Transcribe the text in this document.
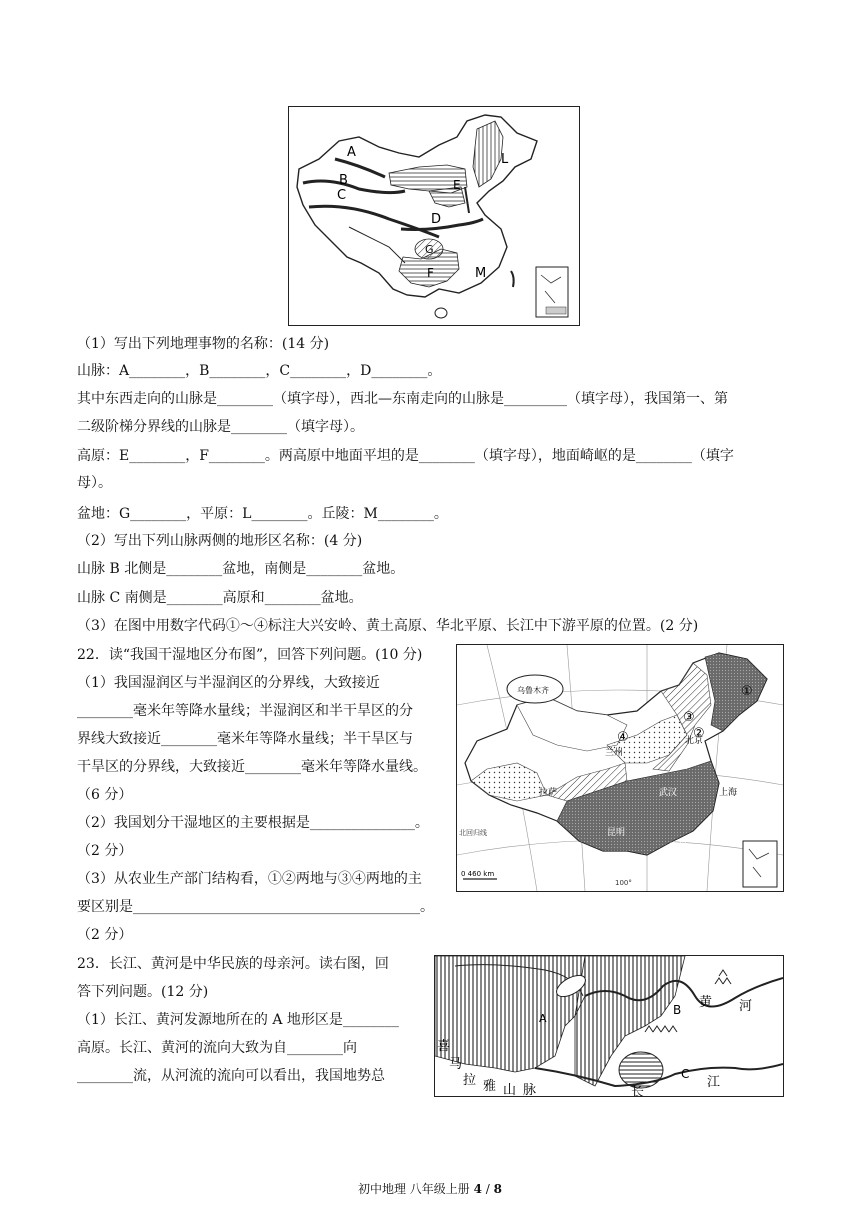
A
B
C
D
E
F
G
L
M
（1）写出下列地理事物的名称：(14 分)
山脉：A________，B________，C________，D________。
其中东西走向的山脉是________（填字母），西北—东南走向的山脉是_________（填字母），我国第一、第
二级阶梯分界线的山脉是________（填字母）。
高原：E________，F________。两高原中地面平坦的是________（填字母），地面崎岖的是________（填字
母）。
盆地：G________，平原：L________。丘陵：M________。
（2）写出下列山脉两侧的地形区名称：(4 分)
山脉 B 北侧是________盆地，南侧是________盆地。
山脉 C 南侧是________高原和________盆地。
（3）在图中用数字代码①～④标注大兴安岭、黄土高原、华北平原、长江中下游平原的位置。(2 分)
22．读“我国干湿地区分布图”，回答下列问题。(10 分)
（1）我国湿润区与半湿润区的分界线，大致接近
________毫米年等降水量线；半湿润区和半干旱区的分
界线大致接近________毫米年等降水量线；半干旱区与
干旱区的分界线，大致接近________毫米年等降水量线。
（6 分）
（2）我国划分干湿地区的主要根据是_______________。
（2 分）
（3）从农业生产部门结构看，①②两地与③④两地的主
要区别是_________________________________________。
（2 分）
乌鲁木齐
兰州
北京
上海
拉萨	武汉
昆明
广州
①
②
③
④
北回归线
100°
0 460 km
23．长江、黄河是中华民族的母亲河。读右图，回
答下列问题。(12 分)
（1）长江、黄河发源地所在的 A 地形区是________
高原。长江、黄河的流向大致为自________向
________流，从河流的流向可以看出，我国地势总
A
B
C
黄 河
长
江
喜
马
拉 雅 山 脉
初中地理 八年级上册 4 / 8
